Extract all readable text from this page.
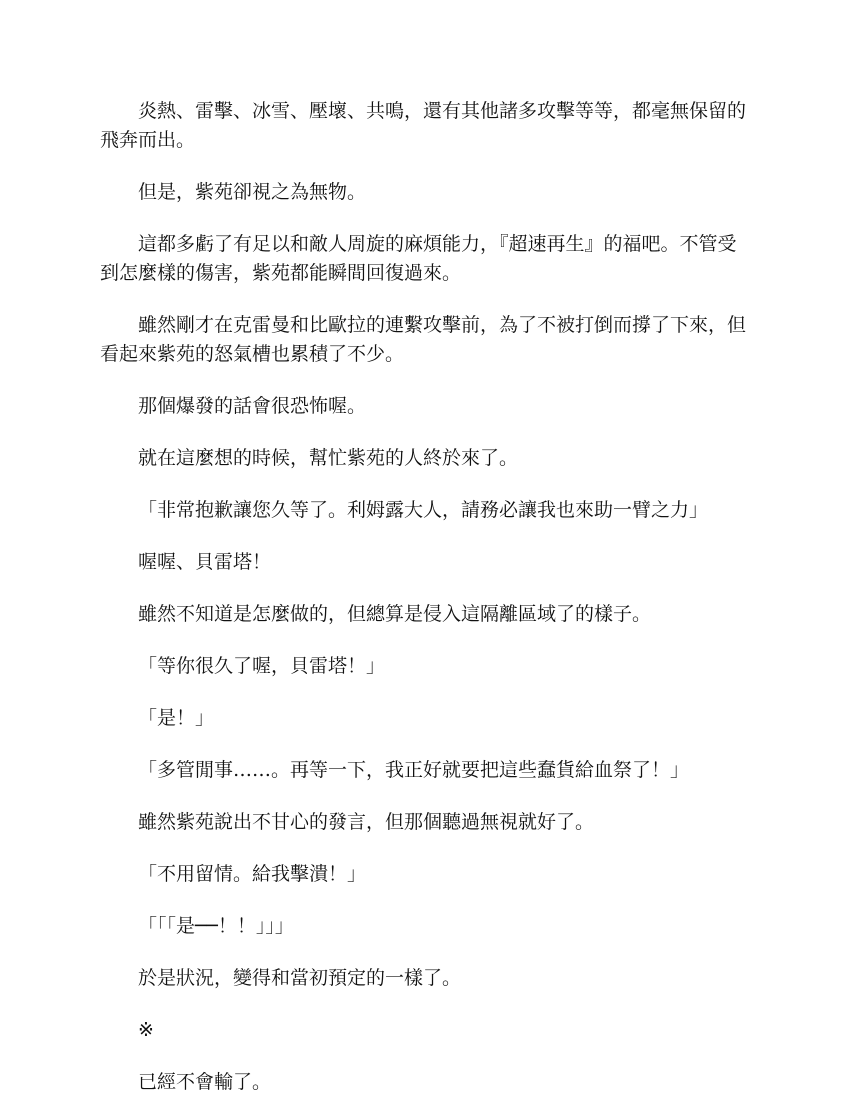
炎熱、雷擊、冰雪、壓壞、共鳴，還有其他諸多攻擊等等，都毫無保留的飛奔而出。

但是，紫苑卻視之為無物。

這都多虧了有足以和敵人周旋的麻煩能力，『超速再生』的福吧。不管受到怎麼樣的傷害，紫苑都能瞬間回復過來。

雖然剛才在克雷曼和比歐拉的連繫攻擊前，為了不被打倒而撐了下來，但看起來紫苑的怒氣槽也累積了不少。

那個爆發的話會很恐怖喔。

就在這麼想的時候，幫忙紫苑的人終於來了。

「非常抱歉讓您久等了。利姆露大人，請務必讓我也來助一臂之力」

喔喔、貝雷塔！

雖然不知道是怎麼做的，但總算是侵入這隔離區域了的樣子。

「等你很久了喔，貝雷塔！」

「是！」

「多管閒事……。再等一下，我正好就要把這些蠢貨給血祭了！」

雖然紫苑說出不甘心的發言，但那個聽過無視就好了。

「不用留情。給我擊潰！」

「「「是──！！」」」

於是狀況，變得和當初預定的一樣了。

※

已經不會輸了。
